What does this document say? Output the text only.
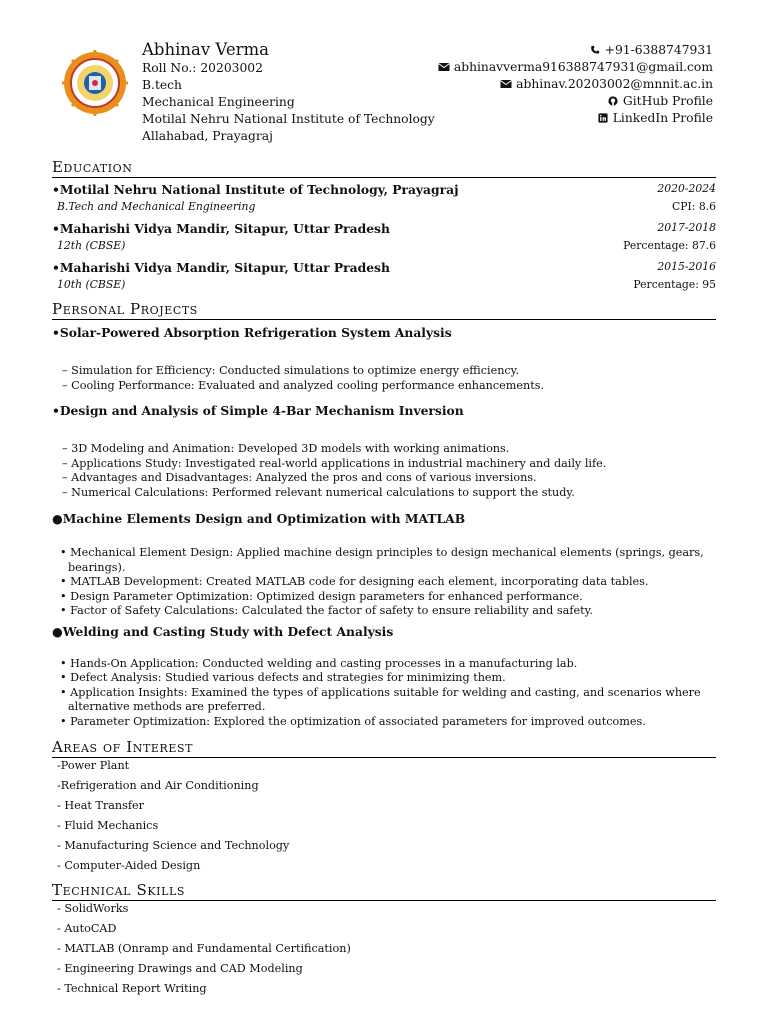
Abhinav Verma
Roll No.: 20203002
B.tech
Mechanical Engineering
Motilal Nehru National Institute of Technology
Allahabad, Prayagraj
+91-6388747931
abhinavverma916388747931@gmail.com
abhinav.20203002@mnnit.ac.in
GitHub Profile
LinkedIn Profile
Education
•Motilal Nehru National Institute of Technology, Prayagraj
B.Tech and Mechanical Engineering
2020-2024
CPI: 8.6
•Maharishi Vidya Mandir, Sitapur, Uttar Pradesh
12th (CBSE)
2017-2018
Percentage: 87.6
•Maharishi Vidya Mandir, Sitapur, Uttar Pradesh
10th (CBSE)
2015-2016
Percentage: 95
Personal Projects
•Solar-Powered Absorption Refrigeration System Analysis
– Simulation for Efficiency: Conducted simulations to optimize energy efficiency.
– Cooling Performance: Evaluated and analyzed cooling performance enhancements.
•Design and Analysis of Simple 4-Bar Mechanism Inversion
– 3D Modeling and Animation: Developed 3D models with working animations.
– Applications Study: Investigated real-world applications in industrial machinery and daily life.
– Advantages and Disadvantages: Analyzed the pros and cons of various inversions.
– Numerical Calculations: Performed relevant numerical calculations to support the study.
●Machine Elements Design and Optimization with MATLAB
• Mechanical Element Design: Applied machine design principles to design mechanical elements (springs, gears, bearings).
• MATLAB Development: Created MATLAB code for designing each element, incorporating data tables.
• Design Parameter Optimization: Optimized design parameters for enhanced performance.
• Factor of Safety Calculations: Calculated the factor of safety to ensure reliability and safety.
●Welding and Casting Study with Defect Analysis
• Hands-On Application: Conducted welding and casting processes in a manufacturing lab.
• Defect Analysis: Studied various defects and strategies for minimizing them.
• Application Insights: Examined the types of applications suitable for welding and casting, and scenarios where alternative methods are preferred.
• Parameter Optimization: Explored the optimization of associated parameters for improved outcomes.
Areas of Interest
-Power Plant
-Refrigeration and Air Conditioning
- Heat Transfer
- Fluid Mechanics
- Manufacturing Science and Technology
- Computer-Aided Design
Technical Skills
- SolidWorks
- AutoCAD
- MATLAB (Onramp and Fundamental Certification)
- Engineering Drawings and CAD Modeling
- Technical Report Writing
